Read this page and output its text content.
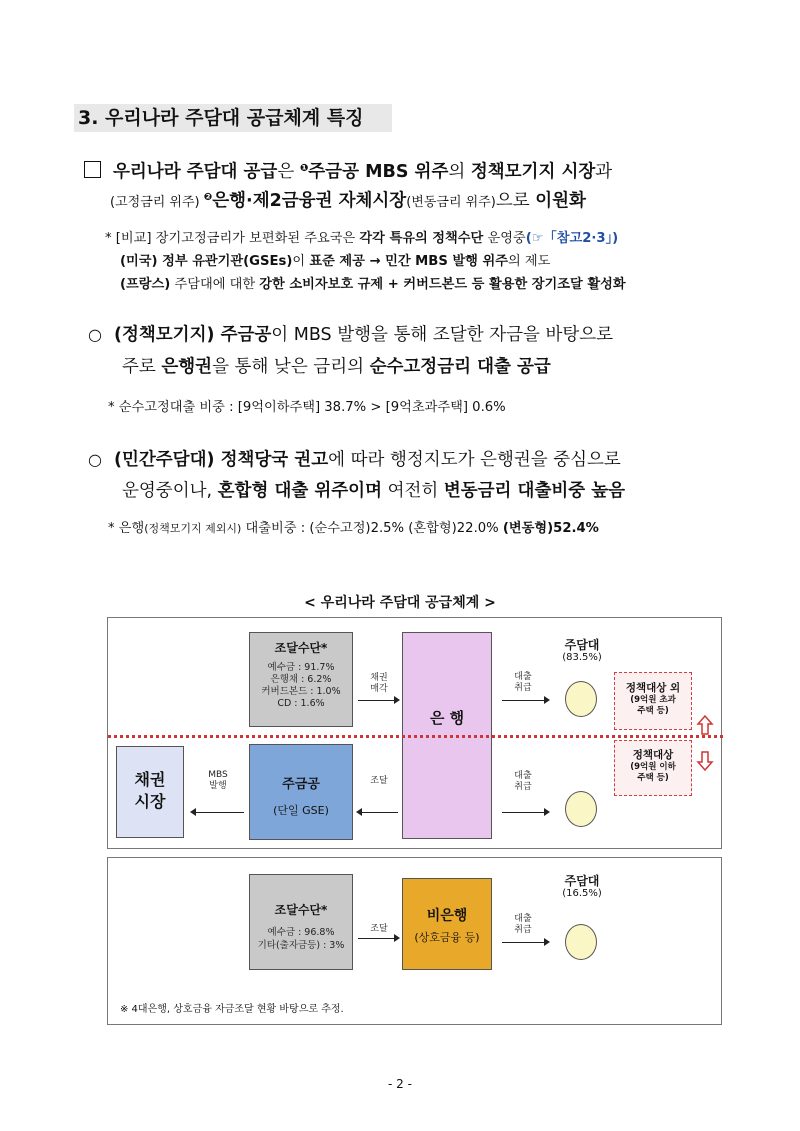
3. 우리나라 주담대 공급체계 특징
우리나라 주담대 공급은 $^❶$주금공 MBS 위주의 정책모기지 시장과
(고정금리 위주) $^❷$은행·제2금융권 자체시장(변동금리 위주)으로 이원화
* [비교] 장기고정금리가 보편화된 주요국은 각각 특유의 정책수단 운영중(☞「참고2·3」)
(미국) 정부 유관기관(GSEs)이 표준 제공 → 민간 MBS 발행 위주의 제도
(프랑스) 주담대에 대한 강한 소비자보호 규제 + 커버드본드 등 활용한 장기조달 활성화
○ (정책모기지) 주금공이 MBS 발행을 통해 조달한 자금을 바탕으로
주로 은행권을 통해 낮은 금리의 순수고정금리 대출 공급
* 순수고정대출 비중 : [9억이하주택] 38.7% > [9억초과주택] 0.6%
○ (민간주담대) 정책당국 권고에 따라 행정지도가 은행권을 중심으로
운영중이나, 혼합형 대출 위주이며 여전히 변동금리 대출비중 높음
* 은행(정책모기지 제외시) 대출비중 : (순수고정)2.5% (혼합형)22.0% (변동형)52.4%
< 우리나라 주담대 공급체계 >
조달수단*
예수금 : 91.7%
은행채 : 6.2%
커버드본드 : 1.0%
CD : 1.6%
채권
매각
은 행
대출
취급
주담대
(83.5%)
정책대상 외
(9억원 초과
주택 등)
정책대상
(9억원 이하
주택 등)
채권
시장
MBS
발행	주금공
(단일 GSE)
조달	대출
취급
조달수단*
예수금 : 96.8%
기타(출자금등) : 3%
조달
비은행
(상호금융 등)
대출
취급
주담대
(16.5%)
※ 4대은행, 상호금융 자금조달 현황 바탕으로 추정.
- 2 -
